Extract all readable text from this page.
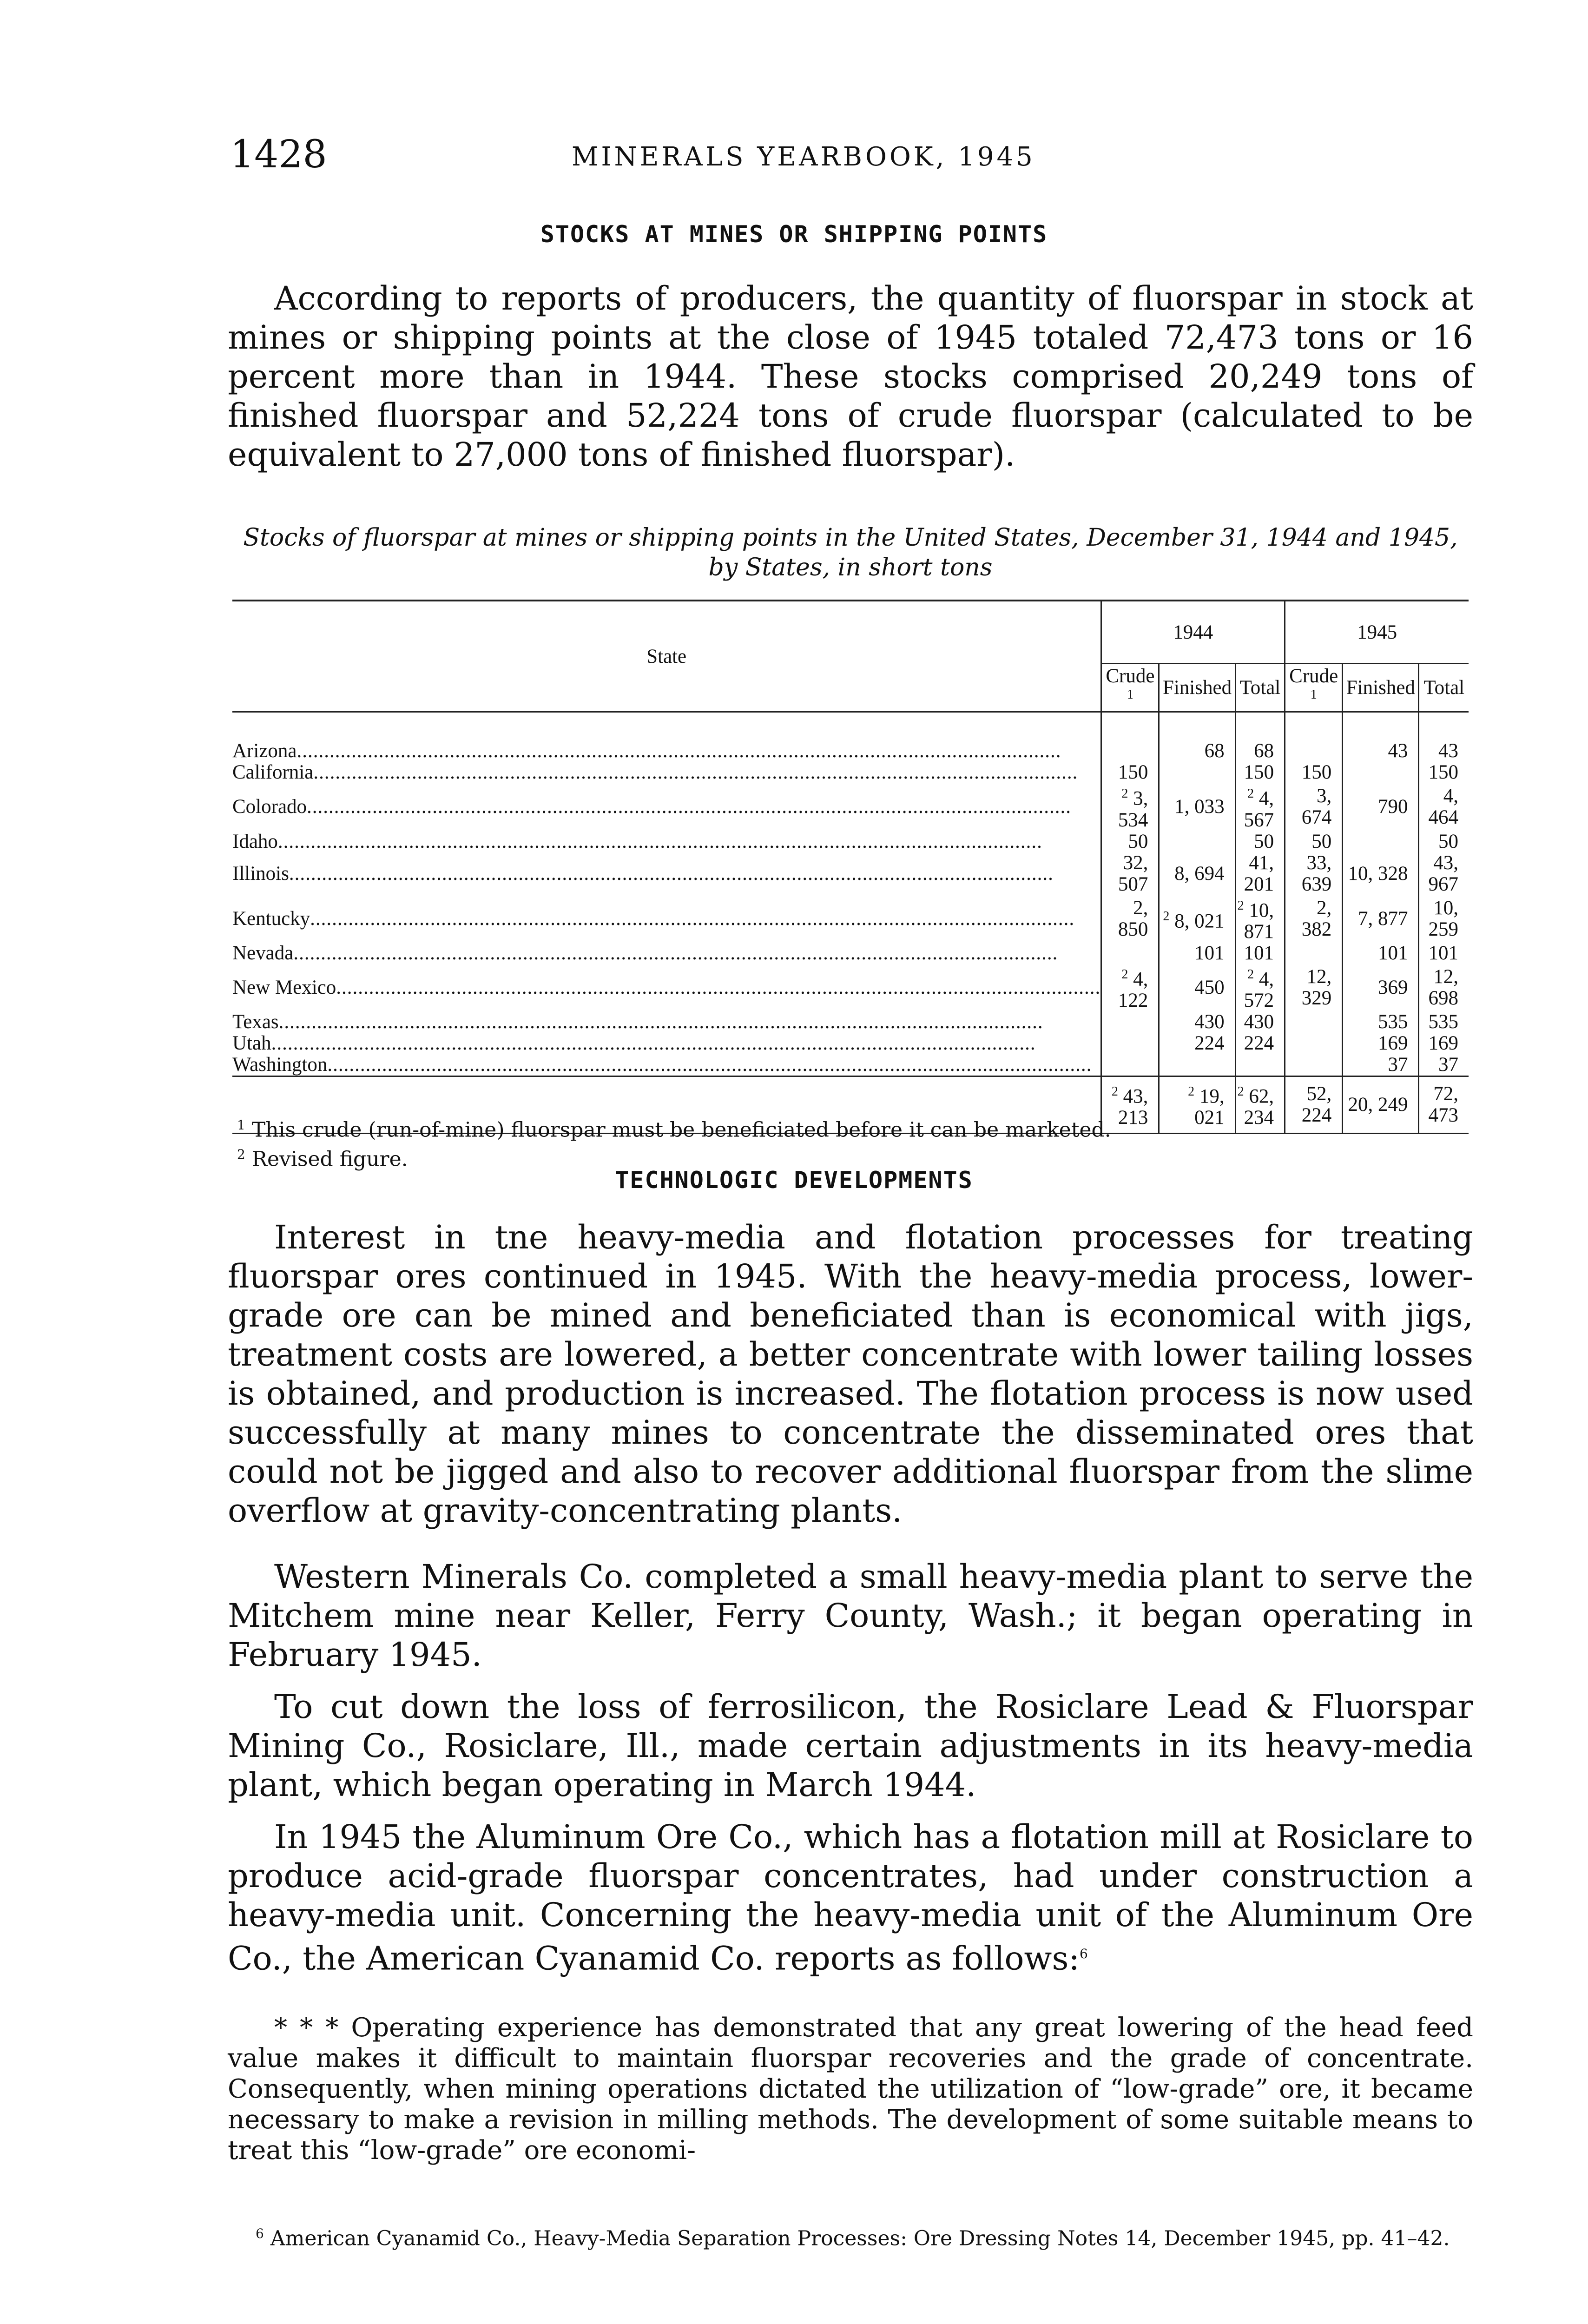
1428	MINERALS YEARBOOK, 1945
STOCKS AT MINES OR SHIPPING POINTS

According to reports of producers, the quantity of fluorspar in stock at mines or shipping points at the close of 1945 totaled 72,473 tons or 16 percent more than in 1944. These stocks comprised 20,249 tons of finished fluorspar and 52,224 tons of crude fluorspar (calculated to be equivalent to 27,000 tons of finished fluorspar).

Stocks of fluorspar at mines or shipping points in the United States, December 31, 1944 and 1945, by States, in short tons

State	1944			1945		
	Crude $^1$	Finished	Total	Crude $^1$	Finished	Total
Arizona............................................................................................................................................		68	68		43	43
California............................................................................................................................................	150		150	150		150
Colorado............................................................................................................................................	$^2$ 3, 534	1, 033	$^2$ 4, 567	3, 674	790	4, 464
Idaho............................................................................................................................................	50		50	50		50
Illinois............................................................................................................................................	32, 507	8, 694	41, 201	33, 639	10, 328	43, 967
Kentucky............................................................................................................................................	2, 850	$^2$ 8, 021	$^2$ 10, 871	2, 382	7, 877	10, 259
Nevada............................................................................................................................................		101	101		101	101
New Mexico............................................................................................................................................	$^2$ 4, 122	450	$^2$ 4, 572	12, 329	369	12, 698
Texas............................................................................................................................................		430	430		535	535
Utah............................................................................................................................................		224	224		169	169
Washington............................................................................................................................................					37	37
	$^2$ 43, 213	$^2$ 19, 021	$^2$ 62, 234	52, 224	20, 249	72, 473
$^1$ This crude (run-of-mine) fluorspar must be beneficiated before it can be marketed.
$^2$ Revised figure.
TECHNOLOGIC DEVELOPMENTS

Interest in tne heavy-media and flotation processes for treating fluorspar ores continued in 1945. With the heavy-media process, lower-grade ore can be mined and beneficiated than is economical with jigs, treatment costs are lowered, a better concentrate with lower tailing losses is obtained, and production is increased. The flotation process is now used successfully at many mines to concentrate the disseminated ores that could not be jigged and also to recover additional fluorspar from the slime overflow at gravity-concentrating plants.

Western Minerals Co. completed a small heavy-media plant to serve the Mitchem mine near Keller, Ferry County, Wash.; it began operating in February 1945.

To cut down the loss of ferrosilicon, the Rosiclare Lead & Fluorspar Mining Co., Rosiclare, Ill., made certain adjustments in its heavy-media plant, which began operating in March 1944.

In 1945 the Aluminum Ore Co., which has a flotation mill at Rosiclare to produce acid-grade fluorspar concentrates, had under construction a heavy-media unit. Concerning the heavy-media unit of the Aluminum Ore Co., the American Cyanamid Co. reports as follows:$^6$

* * * Operating experience has demonstrated that any great lowering of the head feed value makes it difficult to maintain fluorspar recoveries and the grade of concentrate. Consequently, when mining operations dictated the utilization of “low-grade” ore, it became necessary to make a revision in milling methods. The development of some suitable means to treat this “low-grade” ore economi-

$^6$ American Cyanamid Co., Heavy-Media Separation Processes: Ore Dressing Notes 14, December 1945, pp. 41–42.
